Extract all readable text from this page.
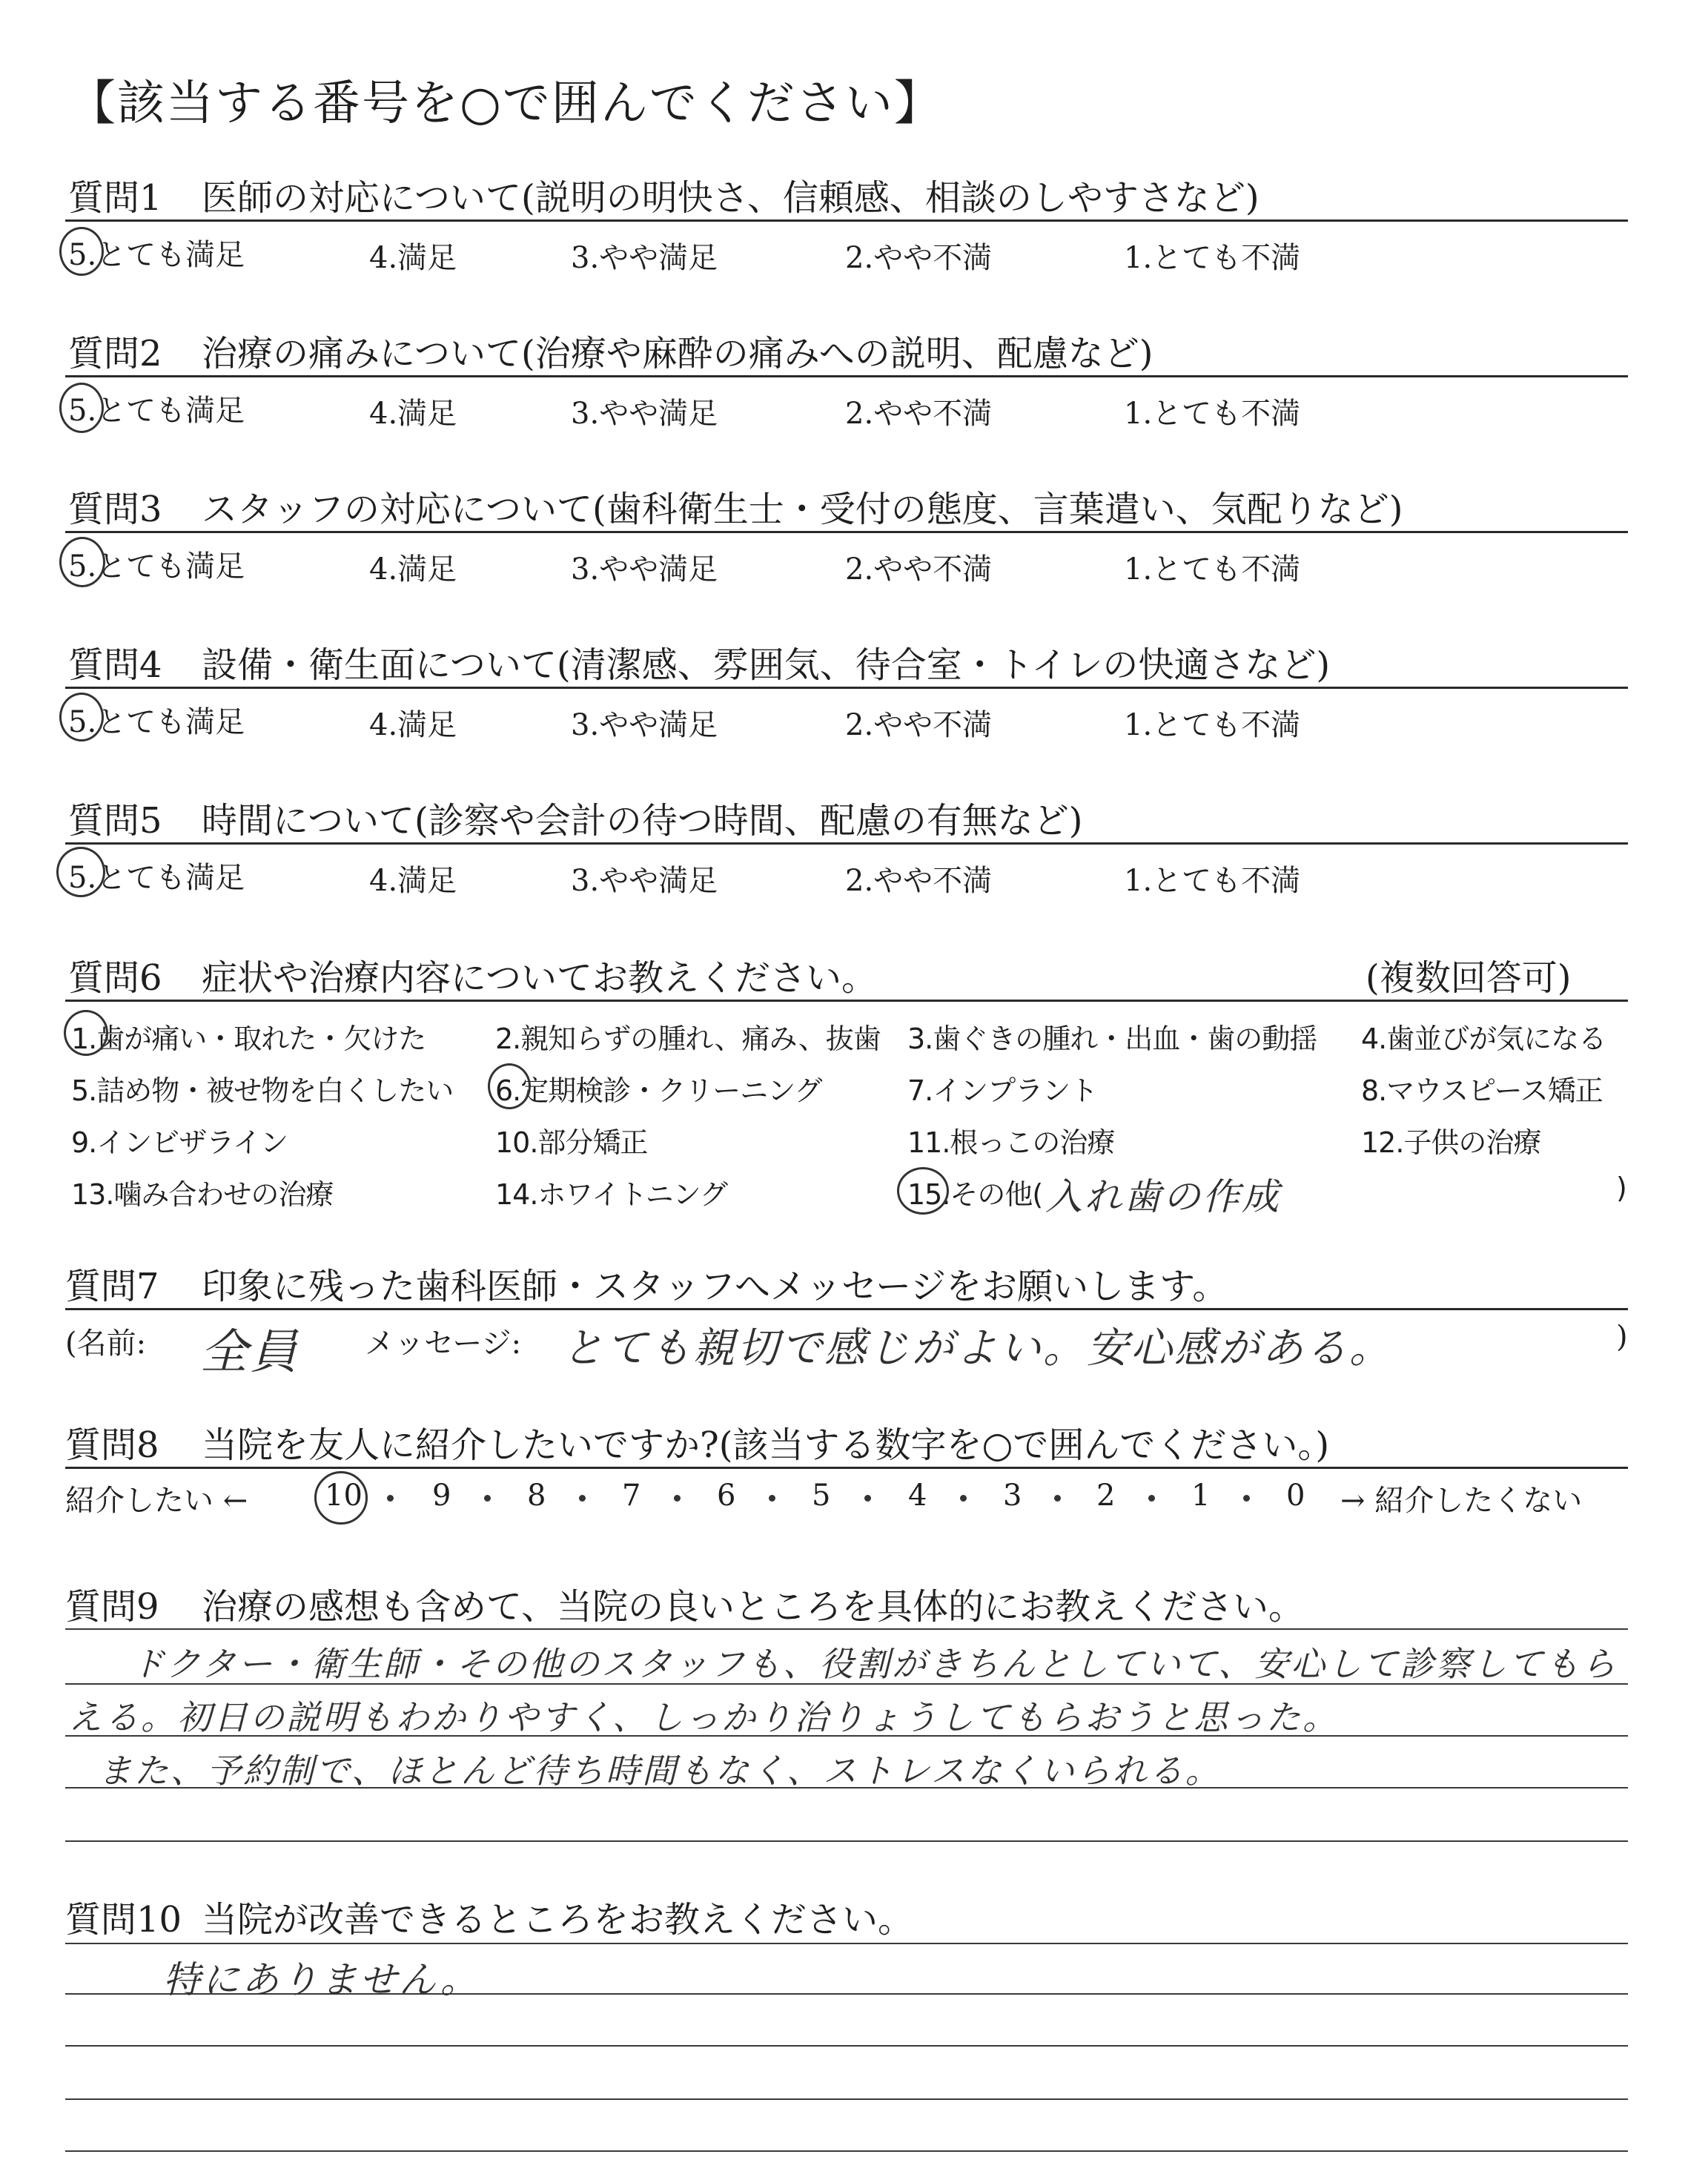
【該当する番号を○で囲んでください】
質問1 医師の対応について(説明の明快さ、信頼感、相談のしやすさなど)
5.とても満足	4.満足	3.やや満足	2.やや不満	1.とても不満
質問2 治療の痛みについて(治療や麻酔の痛みへの説明、配慮など)
5.とても満足	4.満足	3.やや満足	2.やや不満	1.とても不満
質問3 スタッフの対応について(歯科衛生士・受付の態度、言葉遣い、気配りなど)
5.とても満足	4.満足	3.やや満足	2.やや不満	1.とても不満
質問4 設備・衛生面について(清潔感、雰囲気、待合室・トイレの快適さなど)
5.とても満足	4.満足	3.やや満足	2.やや不満	1.とても不満
質問5 時間について(診察や会計の待つ時間、配慮の有無など)
5.とても満足	4.満足	3.やや満足	2.やや不満	1.とても不満
質問6 症状や治療内容についてお教えください。	(複数回答可)
1.歯が痛い・取れた・欠けた 2.親知らずの腫れ、痛み、抜歯 3.歯ぐきの腫れ・出血・歯の動揺 4.歯並びが気になる
5.詰め物・被せ物を白くしたい 6.定期検診・クリーニング	7.インプラント	8.マウスピース矯正
9.インビザライン	10.部分矯正	11.根っこの治療	12.子供の治療
13.噛み合わせの治療	14.ホワイトニング	15.その他( 入れ歯の作成	)
質問7 印象に残った歯科医師・スタッフへメッセージをお願いします。
(名前: 全員 メッセージ: とても親切で感じがよい。安心感がある。	)
質問8 当院を友人に紹介したいですか?(該当する数字を○で囲んでください。)
紹介したい ←	10 9	8	7	6	5	4	3	2	1	0 → 紹介したくない
質問9 治療の感想も含めて、当院の良いところを具体的にお教えください。
ドクター・衛生師・その他のスタッフも、役割がきちんとしていて、安心して診察してもら
える。初日の説明もわかりやすく、しっかり治りょうしてもらおうと思った。
また、予約制で、ほとんど待ち時間もなく、ストレスなくいられる。
質問10 当院が改善できるところをお教えください。
特にありません。
